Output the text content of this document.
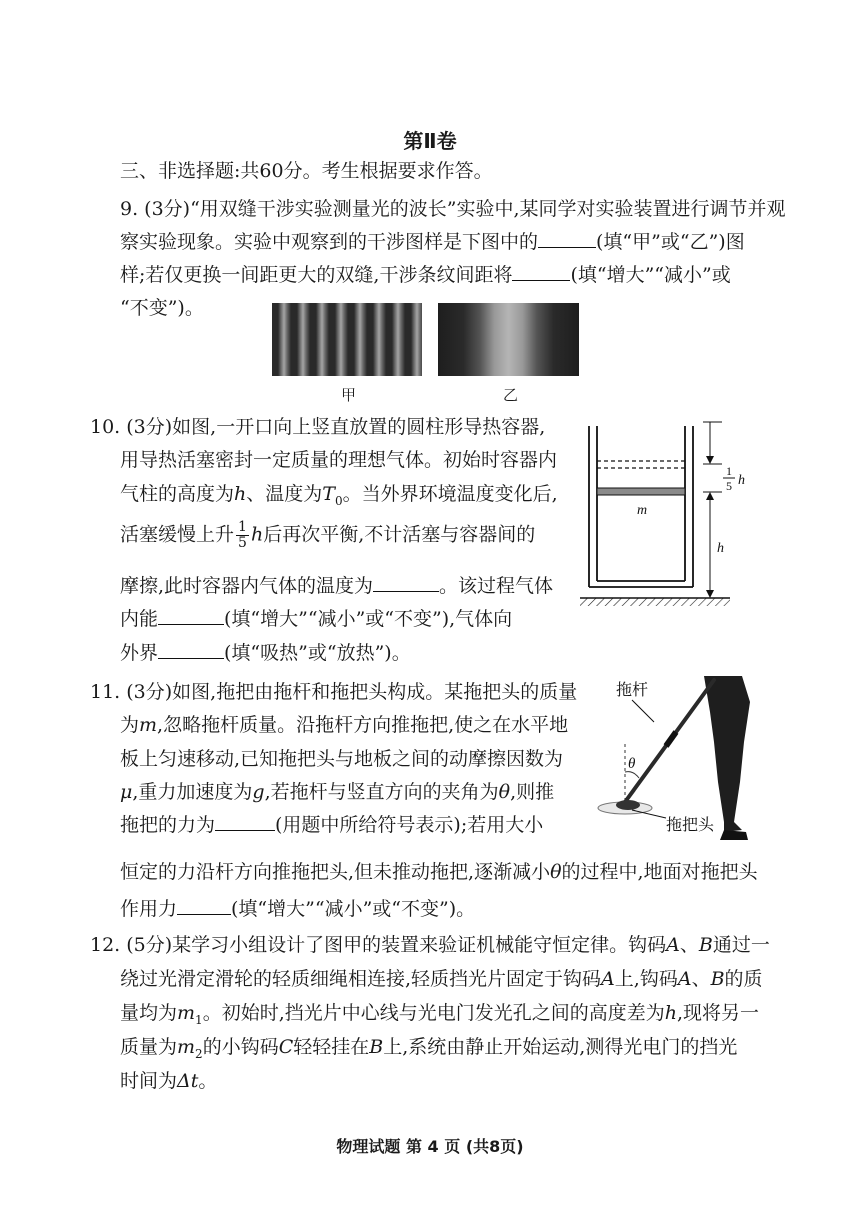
第Ⅱ卷
三、非选择题:共60分。考生根据要求作答。
9. (3分)“用双缝干涉实验测量光的波长”实验中,某同学对实验装置进行调节并观
察实验现象。实验中观察到的干涉图样是下图中的	(填“甲”或“乙”)图
样;若仅更换一间距更大的双缝,干涉条纹间距将	(填“增大”“减小”或
“不变”)。
甲	乙
10. (3分)如图,一开口向上竖直放置的圆柱形导热容器,
用导热活塞密封一定质量的理想气体。初始时容器内
气柱的高度为h、温度为$T_0$。当外界环境温度变化后,
活塞缓慢上升 $\frac{1}{5}$ h后再次平衡,不计活塞与容器间的
摩擦,此时容器内气体的温度为	。该过程气体
内能	(填“增大”“减小”或“不变”),气体向
外界	(填“吸热”或“放热”)。
m
1
5 h
h
11. (3分)如图,拖把由拖杆和拖把头构成。某拖把头的质量
为m,忽略拖杆质量。沿拖杆方向推拖把,使之在水平地
板上匀速移动,已知拖把头与地板之间的动摩擦因数为
μ,重力加速度为g,若拖杆与竖直方向的夹角为θ,则推
拖把的力为	(用题中所给符号表示);若用大小
恒定的力沿杆方向推拖把头,但未推动拖把,逐渐减小θ的过程中,地面对拖把头
作用力	(填“增大”“减小”或“不变”)。
θ
拖杆
拖把头
12. (5分)某学习小组设计了图甲的装置来验证机械能守恒定律。钩码A、B通过一
绕过光滑定滑轮的轻质细绳相连接,轻质挡光片固定于钩码A上,钩码A、B的质
量均为$m_1$。初始时,挡光片中心线与光电门发光孔之间的高度差为h,现将另一
质量为$m_2$的小钩码C轻轻挂在B上,系统由静止开始运动,测得光电门的挡光
时间为Δt。
物理试题 第 4 页 (共8页)
